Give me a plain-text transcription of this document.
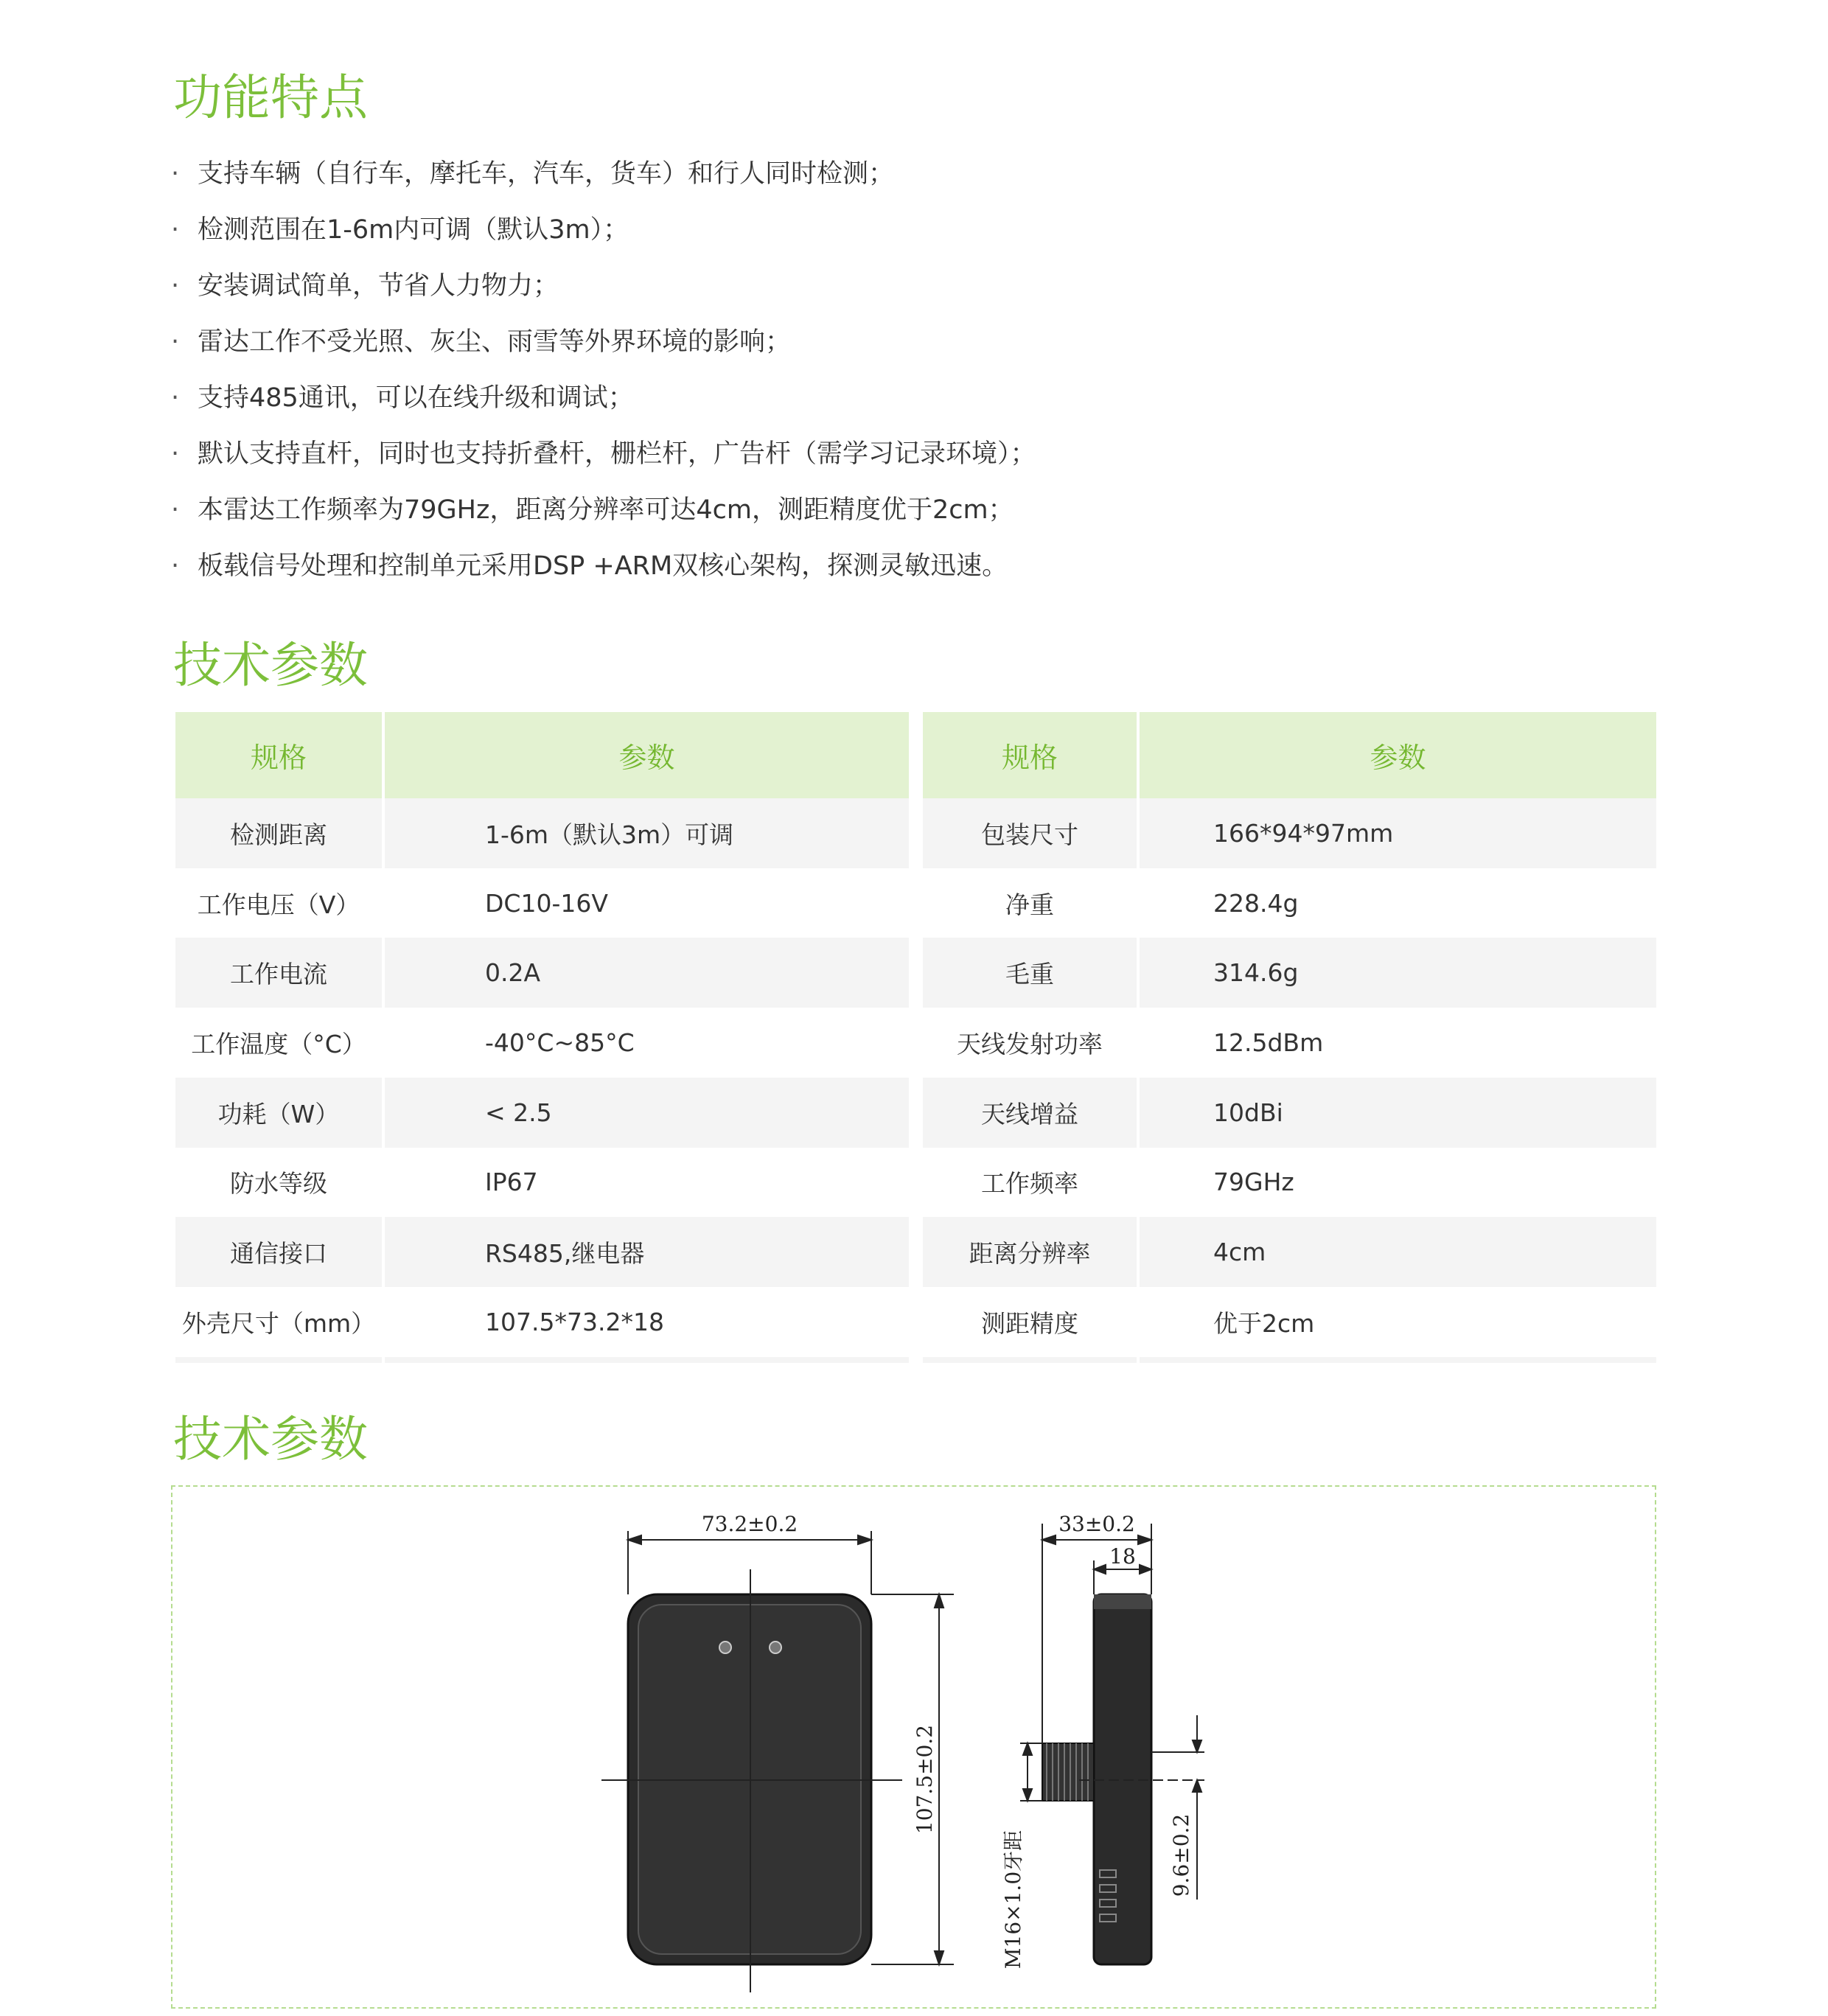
功能特点
· 支持车辆（自行车，摩托车，汽车，货车）和行人同时检测；
· 检测范围在1-6m内可调（默认3m）；
· 安装调试简单，节省人力物力；
· 雷达工作不受光照、灰尘、雨雪等外界环境的影响；
· 支持485通讯，可以在线升级和调试；
· 默认支持直杆，同时也支持折叠杆，栅栏杆，广告杆（需学习记录环境）；
· 本雷达工作频率为79GHz，距离分辨率可达4cm，测距精度优于2cm；
· 板载信号处理和控制单元采用DSP +ARM双核心架构，探测灵敏迅速。
技术参数
规格	参数
检测距离	1-6m（默认3m）可调
工作电压（V）	DC10-16V
工作电流	0.2A
工作温度（°C）	-40°C~85°C
功耗（W）	< 2.5
防水等级	IP67
通信接口	RS485,继电器
外壳尺寸（mm）	107.5*73.2*18

规格	参数
包装尺寸	166*94*97mm
净重	228.4g
毛重	314.6g
天线发射功率	12.5dBm
天线增益	10dBi
工作频率	79GHz
距离分辨率	4cm
测距精度	优于2cm

技术参数
73.2±0.2
107.5±0.2
33±0.2
18
M16×1.0牙距	9.6±0.2
